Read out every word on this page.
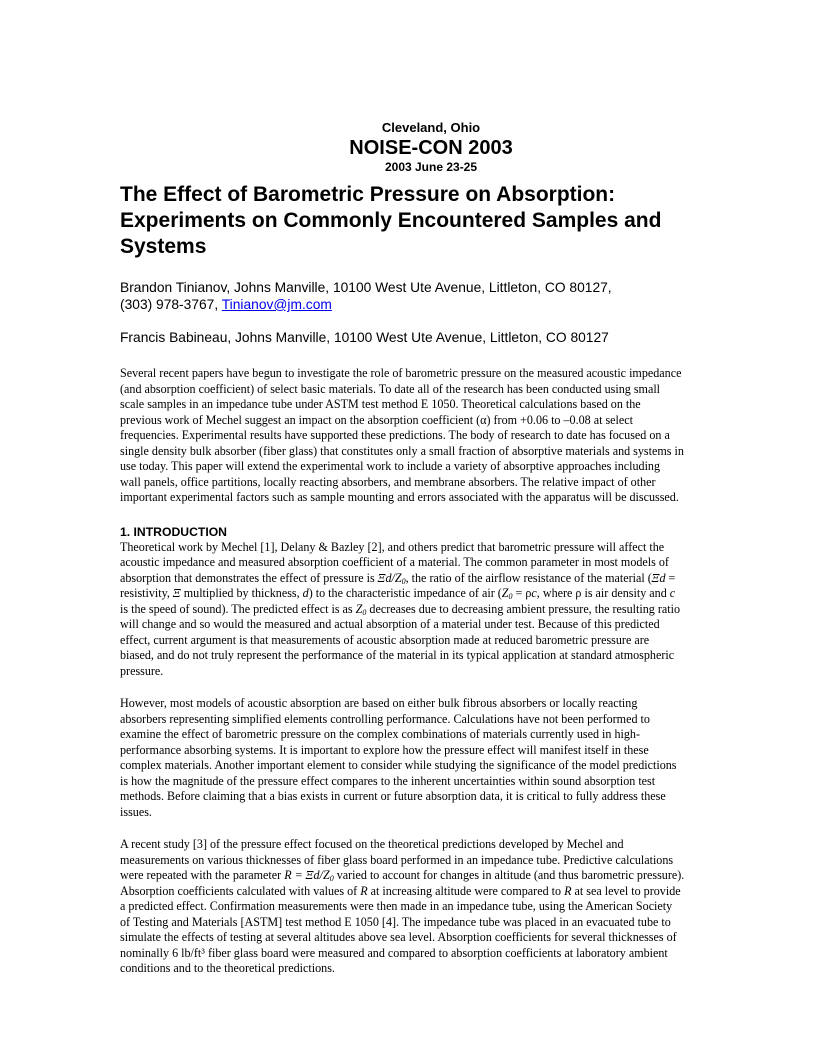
Cleveland, Ohio
NOISE-CON 2003
2003 June 23-25
The Effect of Barometric Pressure on Absorption:
Experiments on Commonly Encountered Samples and
Systems
Brandon Tinianov, Johns Manville, 10100 West Ute Avenue, Littleton, CO 80127,
(303) 978-3767, Tinianov@jm.com
Francis Babineau, Johns Manville, 10100 West Ute Avenue, Littleton, CO 80127
Several recent papers have begun to investigate the role of barometric pressure on the measured acoustic impedance
(and absorption coefficient) of select basic materials. To date all of the research has been conducted using small
scale samples in an impedance tube under ASTM test method E 1050. Theoretical calculations based on the
previous work of Mechel suggest an impact on the absorption coefficient (α) from +0.06 to –0.08 at select
frequencies. Experimental results have supported these predictions. The body of research to date has focused on a
single density bulk absorber (fiber glass) that constitutes only a small fraction of absorptive materials and systems in
use today. This paper will extend the experimental work to include a variety of absorptive approaches including
wall panels, office partitions, locally reacting absorbers, and membrane absorbers. The relative impact of other
important experimental factors such as sample mounting and errors associated with the apparatus will be discussed.
1. INTRODUCTION
Theoretical work by Mechel [1], Delany & Bazley [2], and others predict that barometric pressure will affect the
acoustic impedance and measured absorption coefficient of a material. The common parameter in most models of
absorption that demonstrates the effect of pressure is $\Xi d/Z_0$, the ratio of the airflow resistance of the material (Ξd =
resistivity, Ξ multiplied by thickness, d) to the characteristic impedance of air ($Z_0 = \rho c$, where ρ is air density and c
is the speed of sound). The predicted effect is as $Z_0$ decreases due to decreasing ambient pressure, the resulting ratio
will change and so would the measured and actual absorption of a material under test. Because of this predicted
effect, current argument is that measurements of acoustic absorption made at reduced barometric pressure are
biased, and do not truly represent the performance of the material in its typical application at standard atmospheric
pressure.
However, most models of acoustic absorption are based on either bulk fibrous absorbers or locally reacting
absorbers representing simplified elements controlling performance. Calculations have not been performed to
examine the effect of barometric pressure on the complex combinations of materials currently used in high-
performance absorbing systems. It is important to explore how the pressure effect will manifest itself in these
complex materials. Another important element to consider while studying the significance of the model predictions
is how the magnitude of the pressure effect compares to the inherent uncertainties within sound absorption test
methods. Before claiming that a bias exists in current or future absorption data, it is critical to fully address these
issues.
A recent study [3] of the pressure effect focused on the theoretical predictions developed by Mechel and
measurements on various thicknesses of fiber glass board performed in an impedance tube. Predictive calculations
were repeated with the parameter $R = \Xi d/Z_0$ varied to account for changes in altitude (and thus barometric pressure).
Absorption coefficients calculated with values of R at increasing altitude were compared to R at sea level to provide
a predicted effect. Confirmation measurements were then made in an impedance tube, using the American Society
of Testing and Materials [ASTM] test method E 1050 [4]. The impedance tube was placed in an evacuated tube to
simulate the effects of testing at several altitudes above sea level. Absorption coefficients for several thicknesses of
nominally 6 lb/ft³ fiber glass board were measured and compared to absorption coefficients at laboratory ambient
conditions and to the theoretical predictions.
